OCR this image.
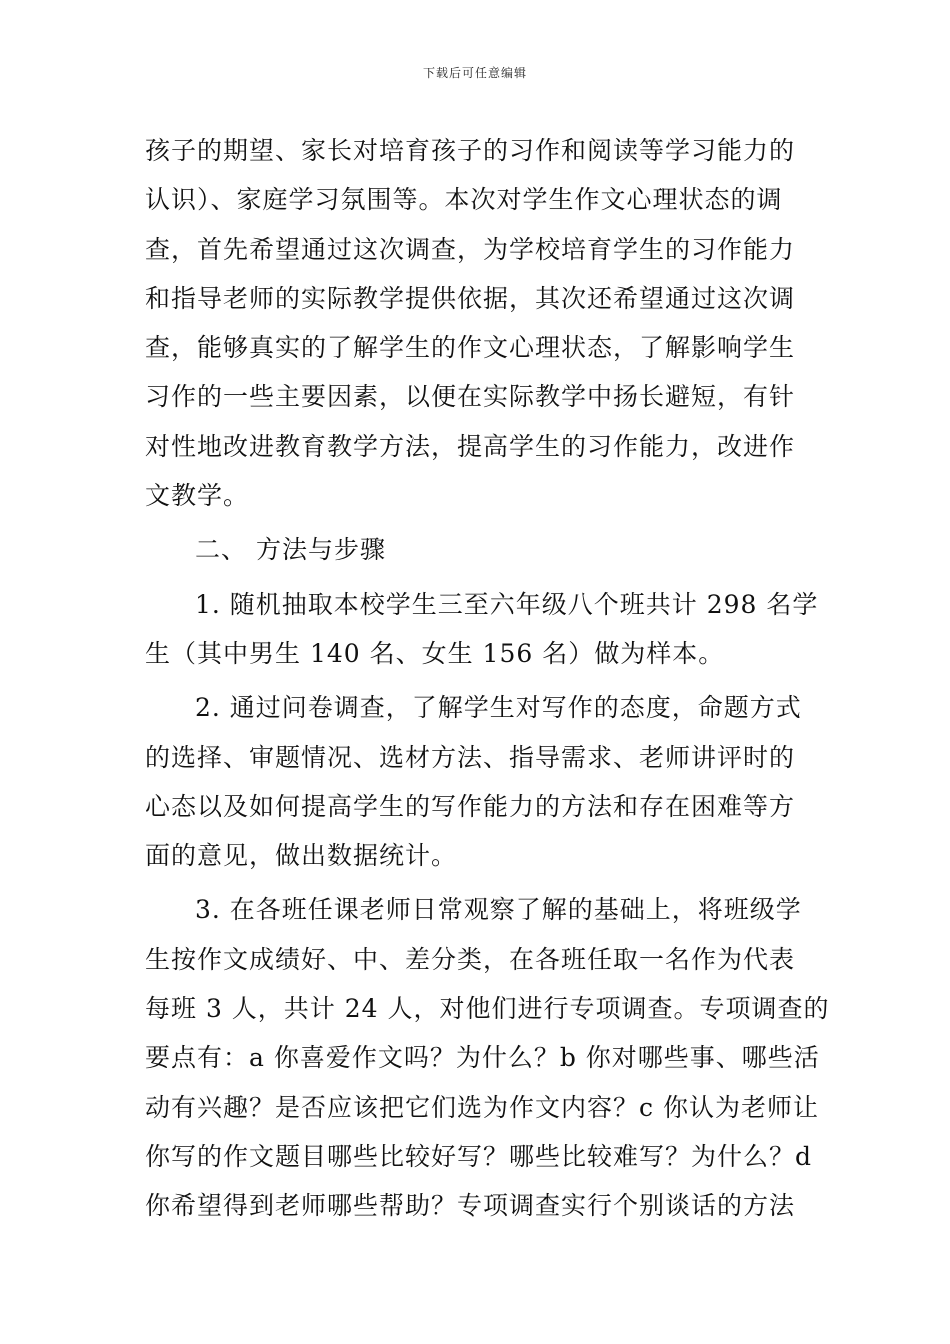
下载后可任意编辑

孩子的期望、家长对培育孩子的习作和阅读等学习能力的
认识）、家庭学习氛围等。本次对学生作文心理状态的调
查，首先希望通过这次调查，为学校培育学生的习作能力
和指导老师的实际教学提供依据，其次还希望通过这次调
查，能够真实的了解学生的作文心理状态，了解影响学生
习作的一些主要因素，以便在实际教学中扬长避短，有针
对性地改进教育教学方法，提高学生的习作能力，改进作
文教学。

二、 方法与步骤

1. 随机抽取本校学生三至六年级八个班共计 298 名学
生（其中男生 140 名、女生 156 名）做为样本。

2. 通过问卷调查，了解学生对写作的态度，命题方式
的选择、审题情况、选材方法、指导需求、老师讲评时的
心态以及如何提高学生的写作能力的方法和存在困难等方
面的意见，做出数据统计。

3. 在各班任课老师日常观察了解的基础上，将班级学
生按作文成绩好、中、差分类，在各班任取一名作为代表
每班 3 人，共计 24 人，对他们进行专项调查。专项调查的
要点有：a 你喜爱作文吗？为什么？b 你对哪些事、哪些活
动有兴趣？是否应该把它们选为作文内容？c 你认为老师让
你写的作文题目哪些比较好写？哪些比较难写？为什么？d
你希望得到老师哪些帮助？专项调查实行个别谈话的方法
